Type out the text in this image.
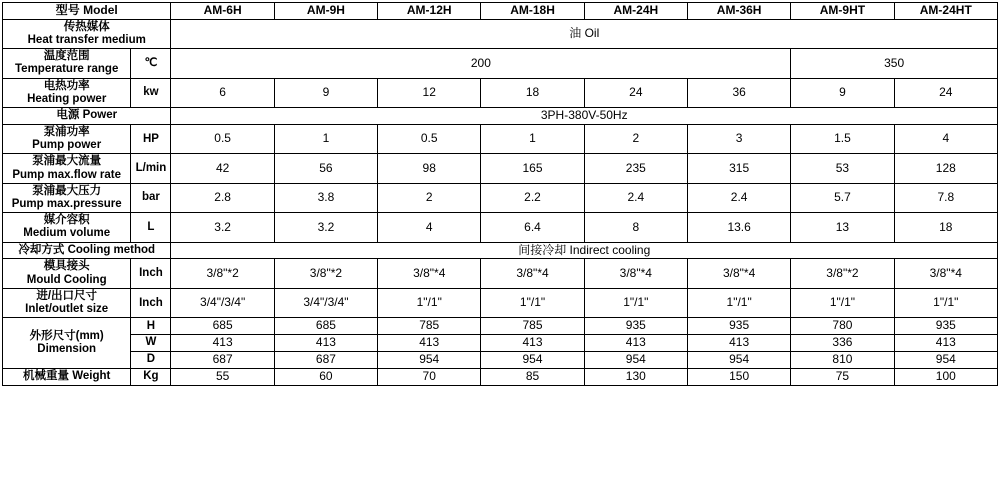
型号 Model		AM-6H	AM-9H	AM-12H	AM-18H	AM-24H	AM-36H	AM-9HT	AM-24HT

传热媒体
Heat transfer medium		油 Oil							

温度范围
Temperature range	℃	200						350	

电热功率
Heating power	kw	6	9	12	18	24	36	9	24

电源 Power		3PH-380V-50Hz							

泵浦功率
Pump power	HP	0.5	1	0.5	1	2	3	1.5	4

泵浦最大流量
Pump max.flow rate	L/min	42	56	98	165	235	315	53	128

泵浦最大压力
Pump max.pressure	bar	2.8	3.8	2	2.2	2.4	2.4	5.7	7.8

媒介容积
Medium volume	L	3.2	3.2	4	6.4	8	13.6	13	18

冷却方式 Cooling method		间接冷却 Indirect cooling							

模具接头
Mould Cooling	Inch	3/8"*2	3/8"*2	3/8"*4	3/8"*4	3/8"*4	3/8"*4	3/8"*2	3/8"*4

进/出口尺寸
Inlet/outlet size	Inch	3/4"/3/4"	3/4"/3/4"	1"/1"	1"/1"	1"/1"	1"/1"	1"/1"	1"/1"

外形尺寸(mm)
Dimension	H	685	685	785	785	935	935	780	935
	W	413	413	413	413	413	413	336	413
	D	687	687	954	954	954	954	810	954

机械重量 Weight	Kg	55	60	70	85	130	150	75	100
